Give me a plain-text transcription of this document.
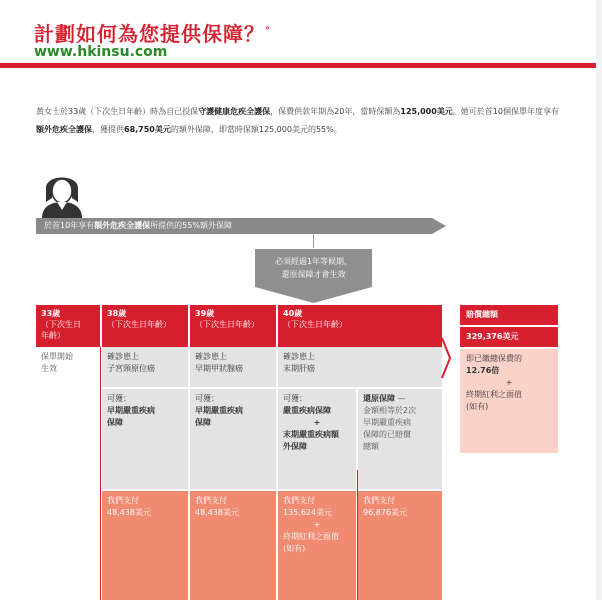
計劃如何為您提供保障？°
www.hkinsu.com
黃女士於33歲（下次生日年齡）時為自己投保守護健康危疾全護保，保費供款年期為20年，當時保額為125,000美元。她可於首10個保單年度享有額外危疾全護保，獲提供68,750美元的額外保障，即當時保額125,000美元的55%。
於首10年享有額外危疾全護保所提供的55%額外保障
必須經過1年等候期，
還原保障才會生效
33歲
（下次生日
年齡）
38歲
（下次生日年齡）
39歲
（下次生日年齡）
40歲
（下次生日年齡）
保單開始
生效
確診患上
子宮頸原位癌
可獲：
早期嚴重疾病
保障
我們支付
48,438美元
確診患上
早期甲狀腺癌
可獲：
早期嚴重疾病
保障
我們支付
48,438美元
確診患上
末期肝癌
可獲：
嚴重疾病保障
+
末期嚴重疾病額
外保障
還原保障 —
金額相等於2次
早期嚴重疾病
保障的已賠償
總額
我們支付
135,624美元
+
終期紅利之面值
(如有)
我們支付
96,876美元
賠償總額
329,376美元
即已繳總保費的
12.76倍
+
終期紅利之面值
(如有)
